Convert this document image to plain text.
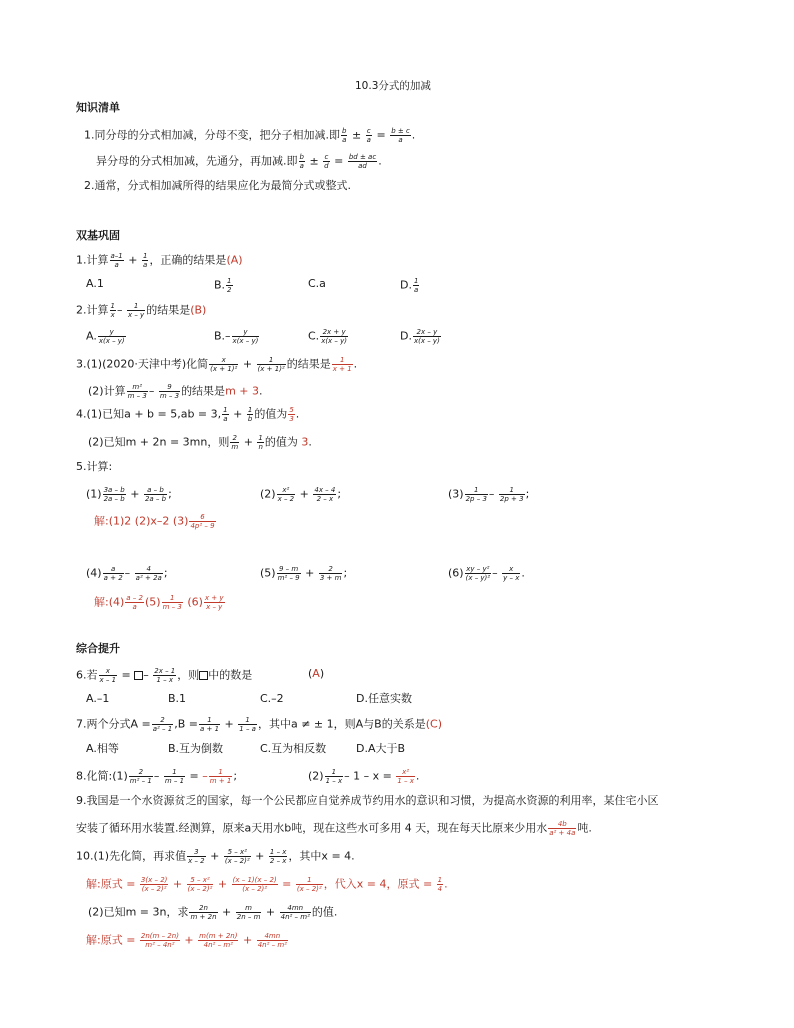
10.3分式的加减
知识清单
1.同分母的分式相加减，分母不变，把分子相加减.即 $\frac{b}{a} \pm \frac{c}{a} = \frac{b \pm c}{a}$ .
异分母的分式相加减，先通分，再加减.即 $\frac{b}{a} \pm \frac{c}{d} = \frac{bd \pm ac}{ad}$ .
2.通常，分式相加减所得的结果应化为最简分式或整式.
双基巩固
1.计算 $\frac{a-1}{a} + \frac{1}{a}$ ，正确的结果是(A)
A.1	B. $\frac{1}{2}$	C.a	D. $\frac{1}{a}$
2.计算 $\frac{1}{x} - \frac{1}{x - y}$ 的结果是(B)
A. $\frac{y}{x(x - y)}$	$B.- \frac{y}{x(x - y)}$	C. $\frac{2x + y}{x(x - y)}$	D. $\frac{2x - y}{x(x - y)}$
3.(1)(2020·天津中考)化简 $\frac{x}{\text{(x + 1)²}} + \frac{1}{\text{(x + 1)²}}$ 的结果是 $\frac{1}{x + 1}$ .
(2)计算 $\frac{\text{m²}}{m - 3} - \frac{9}{m - 3}$ 的结果是m + 3.
4.(1)已知a + b = 5,ab = 3, $\frac{1}{a} + \frac{1}{b}$ 的值为 $\frac{5}{3}$ .
(2)已知m + 2n = 3mn，则 $\frac{2}{m} + \frac{1}{n}$ 的值为 3.
5.计算:
$(1) \frac{3a - b}{2a - b} + \frac{a - b}{2a - b}$ ;	$(2) \frac{\text{x²}}{x - 2} + \frac{4x - 4}{2 - x}$ ;	$(3) \frac{1}{2p - 3} - \frac{1}{2p + 3}$ ;
解:(1)2 (2)x–2 $(3) \frac{6}{\text{4p² – 9}}$
$(4) \frac{a}{a + 2} - \frac{4}{\text{a² + 2a}}$ ;	$(5) \frac{9 - m}{\text{m² – 9}} + \frac{2}{3 + m}$ ;	$(6) \frac{\text{xy – y²}}{\text{(x – y)²}} - \frac{x}{y - x}$ .
解:(4) $\frac{a - 2}{a} (5) \frac{1}{m - 3} (6) \frac{x + y}{x - y}$
综合提升
6.若 $\frac{x}{x - 1}$ = – $\frac{2x - 1}{1 - x}$ ，则 中的数是	(A)
A.–1	B.1	C.–2	D.任意实数
7.两个分式$A = \frac{2}{\text{a² – 1}} ,B = \frac{1}{a + 1} + \frac{1}{1 - a}$ ，其中a ≠ ± 1，则A与B的关系是(C)
A.相等	B.互为倒数	C.互为相反数	D.A大于B
8.化简:(1) $\frac{2}{\text{m² – 1}} - \frac{1}{m - 1}$ = – $\frac{1}{m + 1}$ ;	$(2) \frac{1}{1 - x} - 1 - x = \frac{\text{x²}}{1 - x}$ .
9.我国是一个水资源贫乏的国家，每一个公民都应自觉养成节约用水的意识和习惯，为提高水资源的利用率，某住宅小区
安装了循环用水装置.经测算，原来a天用水b吨，现在这些水可多用 4 天，现在每天比原来少用水 $\frac{4b}{\text{a² + 4a}}$ 吨.
10.(1)先化简，再求值 $\frac{3}{x - 2} + \frac{\text{5 – x²}}{\text{(x – 2)²}} + \frac{1 - x}{2 - x}$ ，其中x = 4.
解:原式 = $\frac{3(x - 2)}{\text{(x – 2)²}} + \frac{\text{5 – x²}}{\text{(x – 2)²}} + \frac{(x - 1)(x - 2)}{\text{(x – 2)²}} = \frac{1}{\text{(x – 2)²}}$ ，代入x = 4，原式 = $\frac{1}{4}$ .
(2)已知m = 3n，求 $\frac{2n}{m + 2n} + \frac{m}{2n - m} + \frac{4mn}{\text{4n² – m²}}$ 的值.
解:原式 = $\frac{2n(m - 2n)}{\text{m² – 4n²}} + \frac{m(m + 2n)}{\text{4n² – m²}} + \frac{4mn}{\text{4n² – m²}}$
